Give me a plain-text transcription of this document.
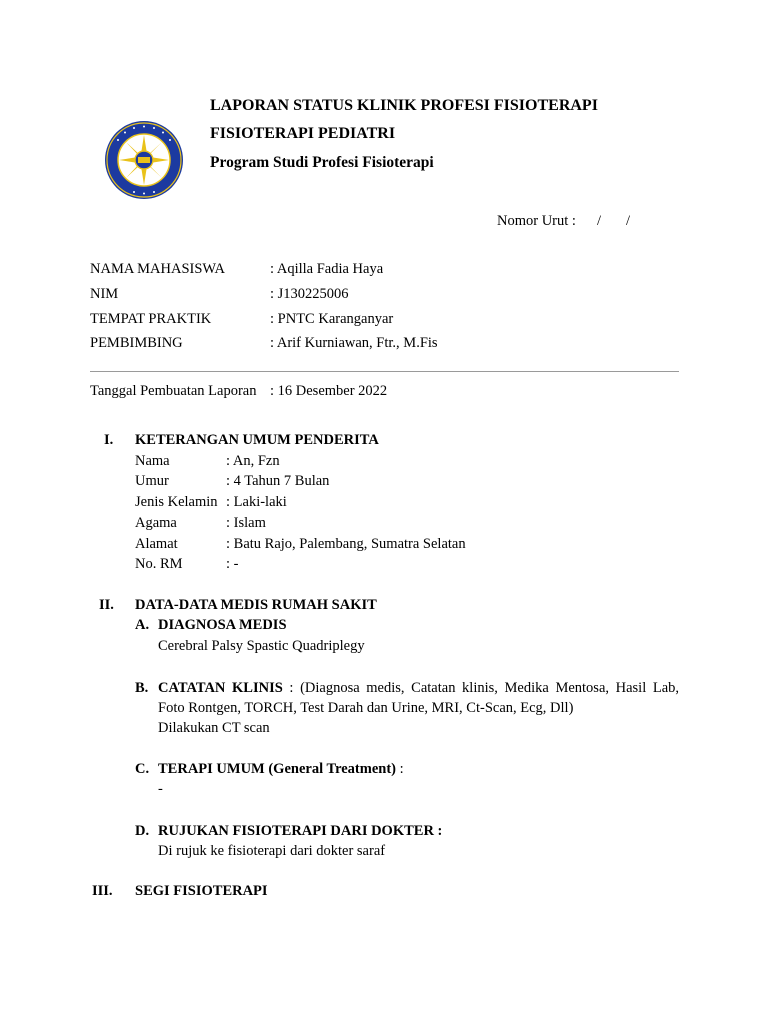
LAPORAN STATUS KLINIK PROFESI FISIOTERAPI
FISIOTERAPI PEDIATRI
Program Studi Profesi Fisioterapi
Nomor Urut : / /
NAMA MAHASISWA	: Aqilla Fadia Haya
NIM	: J130225006
TEMPAT PRAKTIK	: PNTC Karanganyar
PEMBIMBING	: Arif Kurniawan, Ftr., M.Fis
Tanggal Pembuatan Laporan : 16 Desember 2022
I. KETERANGAN UMUM PENDERITA
Nama	: An, Fzn
Umur	: 4 Tahun 7 Bulan
Jenis Kelamin : Laki-laki
Agama	: Islam
Alamat	: Batu Rajo, Palembang, Sumatra Selatan
No. RM	: -
II. DATA-DATA MEDIS RUMAH SAKIT
A. DIAGNOSA MEDIS
Cerebral Palsy Spastic Quadriplegy
B. CATATAN KLINIS : (Diagnosa medis, Catatan klinis, Medika Mentosa, Hasil Lab,
Foto Rontgen, TORCH, Test Darah dan Urine, MRI, Ct-Scan, Ecg, Dll)
Dilakukan CT scan
C. TERAPI UMUM (General Treatment) :
-
D. RUJUKAN FISIOTERAPI DARI DOKTER :
Di rujuk ke fisioterapi dari dokter saraf
III. SEGI FISIOTERAPI
